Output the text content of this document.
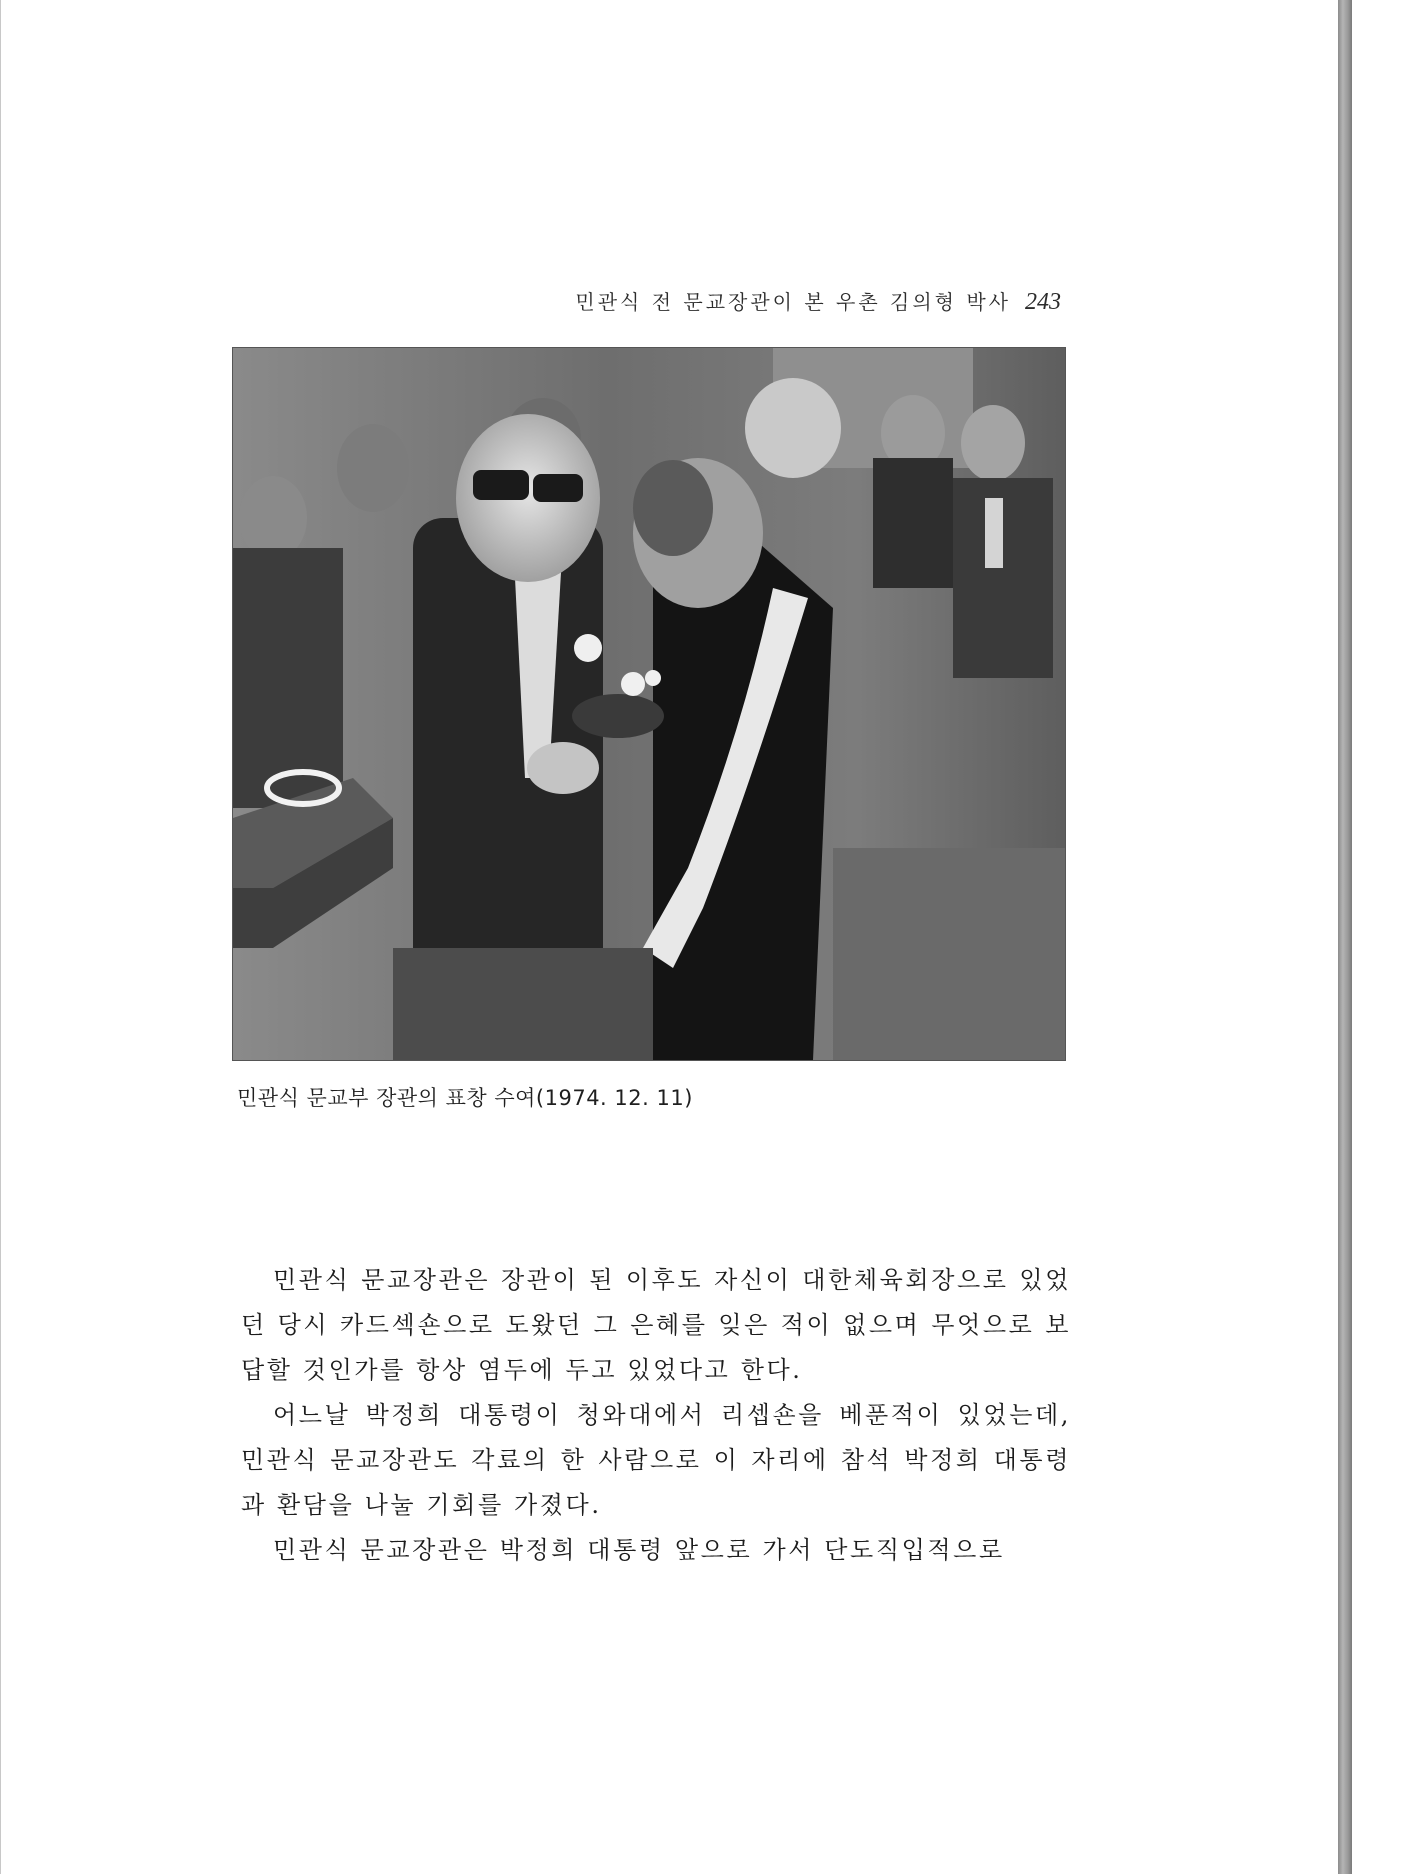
민관식 전 문교장관이 본 우촌 김의형 박사 243
민관식 문교부 장관의 표창 수여(1974. 12. 11)

민관식 문교장관은 장관이 된 이후도 자신이 대한체육회장으로 있었던 당시 카드섹숀으로 도왔던 그 은혜를 잊은 적이 없으며 무엇으로 보답할 것인가를 항상 염두에 두고 있었다고 한다.

어느날 박정희 대통령이 청와대에서 리셉숀을 베푼적이 있었는데, 민관식 문교장관도 각료의 한 사람으로 이 자리에 참석 박정희 대통령과 환담을 나눌 기회를 가졌다.

민관식 문교장관은 박정희 대통령 앞으로 가서 단도직입적으로
